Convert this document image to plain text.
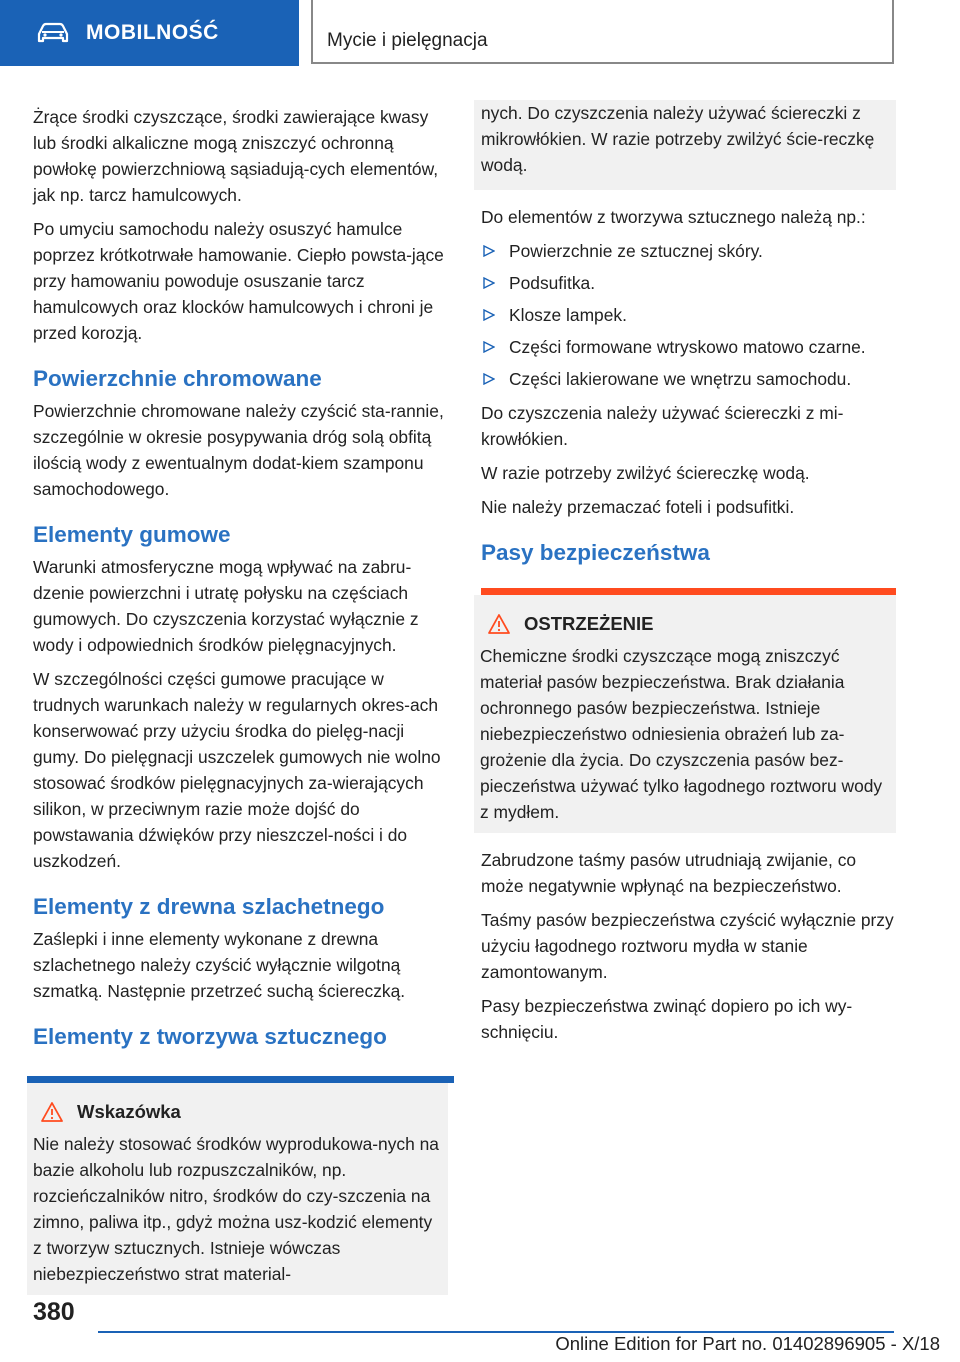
MOBILNOŚĆ	Mycie i pielęgnacja

Żrące środki czyszczące, środki zawierające kwasy lub środki alkaliczne mogą zniszczyć ochronną powłokę powierzchniową sąsiadują-cych elementów, jak np. tarcz hamulcowych.

Po umyciu samochodu należy osuszyć hamulce poprzez krótkotrwałe hamowanie. Ciepło powsta-jące przy hamowaniu powoduje osuszanie tarcz hamulcowych oraz klocków hamulcowych i chroni je przed korozją.

Powierzchnie chromowane

Powierzchnie chromowane należy czyścić sta-rannie, szczególnie w okresie posypywania dróg solą obfitą ilością wody z ewentualnym dodat-kiem szamponu samochodowego.

Elementy gumowe

Warunki atmosferyczne mogą wpływać na zabru-dzenie powierzchni i utratę połysku na częściach gumowych. Do czyszczenia korzystać wyłącznie z wody i odpowiednich środków pielęgnacyjnych.

W szczególności części gumowe pracujące w trudnych warunkach należy w regularnych okres-ach konserwować przy użyciu środka do pielęg-nacji gumy. Do pielęgnacji uszczelek gumowych nie wolno stosować środków pielęgnacyjnych za-wierających silikon, w przeciwnym razie może dojść do powstawania dźwięków przy nieszczel-ności i do uszkodzeń.

Elementy z drewna szlachetnego

Zaślepki i inne elementy wykonane z drewna szlachetnego należy czyścić wyłącznie wilgotną szmatką. Następnie przetrzeć suchą ściereczką.

Elementy z tworzywa sztucznego
Wskazówka
Nie należy stosować środków wyprodukowa-nych na bazie alkoholu lub rozpuszczalników, np. rozcieńczalników nitro, środków do czy-szczenia na zimno, paliwa itp., gdyż można usz-kodzić elementy z tworzyw sztucznych. Istnieje wówczas niebezpieczeństwo strat material-
nych. Do czyszczenia należy używać ściereczki z mikrowłókien. W razie potrzeby zwilżyć ście-reczkę wodą.

Do elementów z tworzywa sztucznego należą np.:

Powierzchnie ze sztucznej skóry.
Podsufitka.
Klosze lampek.
Części formowane wtryskowo matowo czarne.
Części lakierowane we wnętrzu samochodu.

Do czyszczenia należy używać ściereczki z mi-krowłókien.

W razie potrzeby zwilżyć ściereczkę wodą.

Nie należy przemaczać foteli i podsufitki.

Pasy bezpieczeństwa
OSTRZEŻENIE
Chemiczne środki czyszczące mogą zniszczyć materiał pasów bezpieczeństwa. Brak działania ochronnego pasów bezpieczeństwa. Istnieje niebezpieczeństwo odniesienia obrażeń lub za-grożenie dla życia. Do czyszczenia pasów bez-pieczeństwa używać tylko łagodnego roztworu wody z mydłem.

Zabrudzone taśmy pasów utrudniają zwijanie, co może negatywnie wpłynąć na bezpieczeństwo.

Taśmy pasów bezpieczeństwa czyścić wyłącznie przy użyciu łagodnego roztworu mydła w stanie zamontowanym.

Pasy bezpieczeństwa zwinąć dopiero po ich wy-schnięciu.

380
Online Edition for Part no. 01402896905 - X/18
